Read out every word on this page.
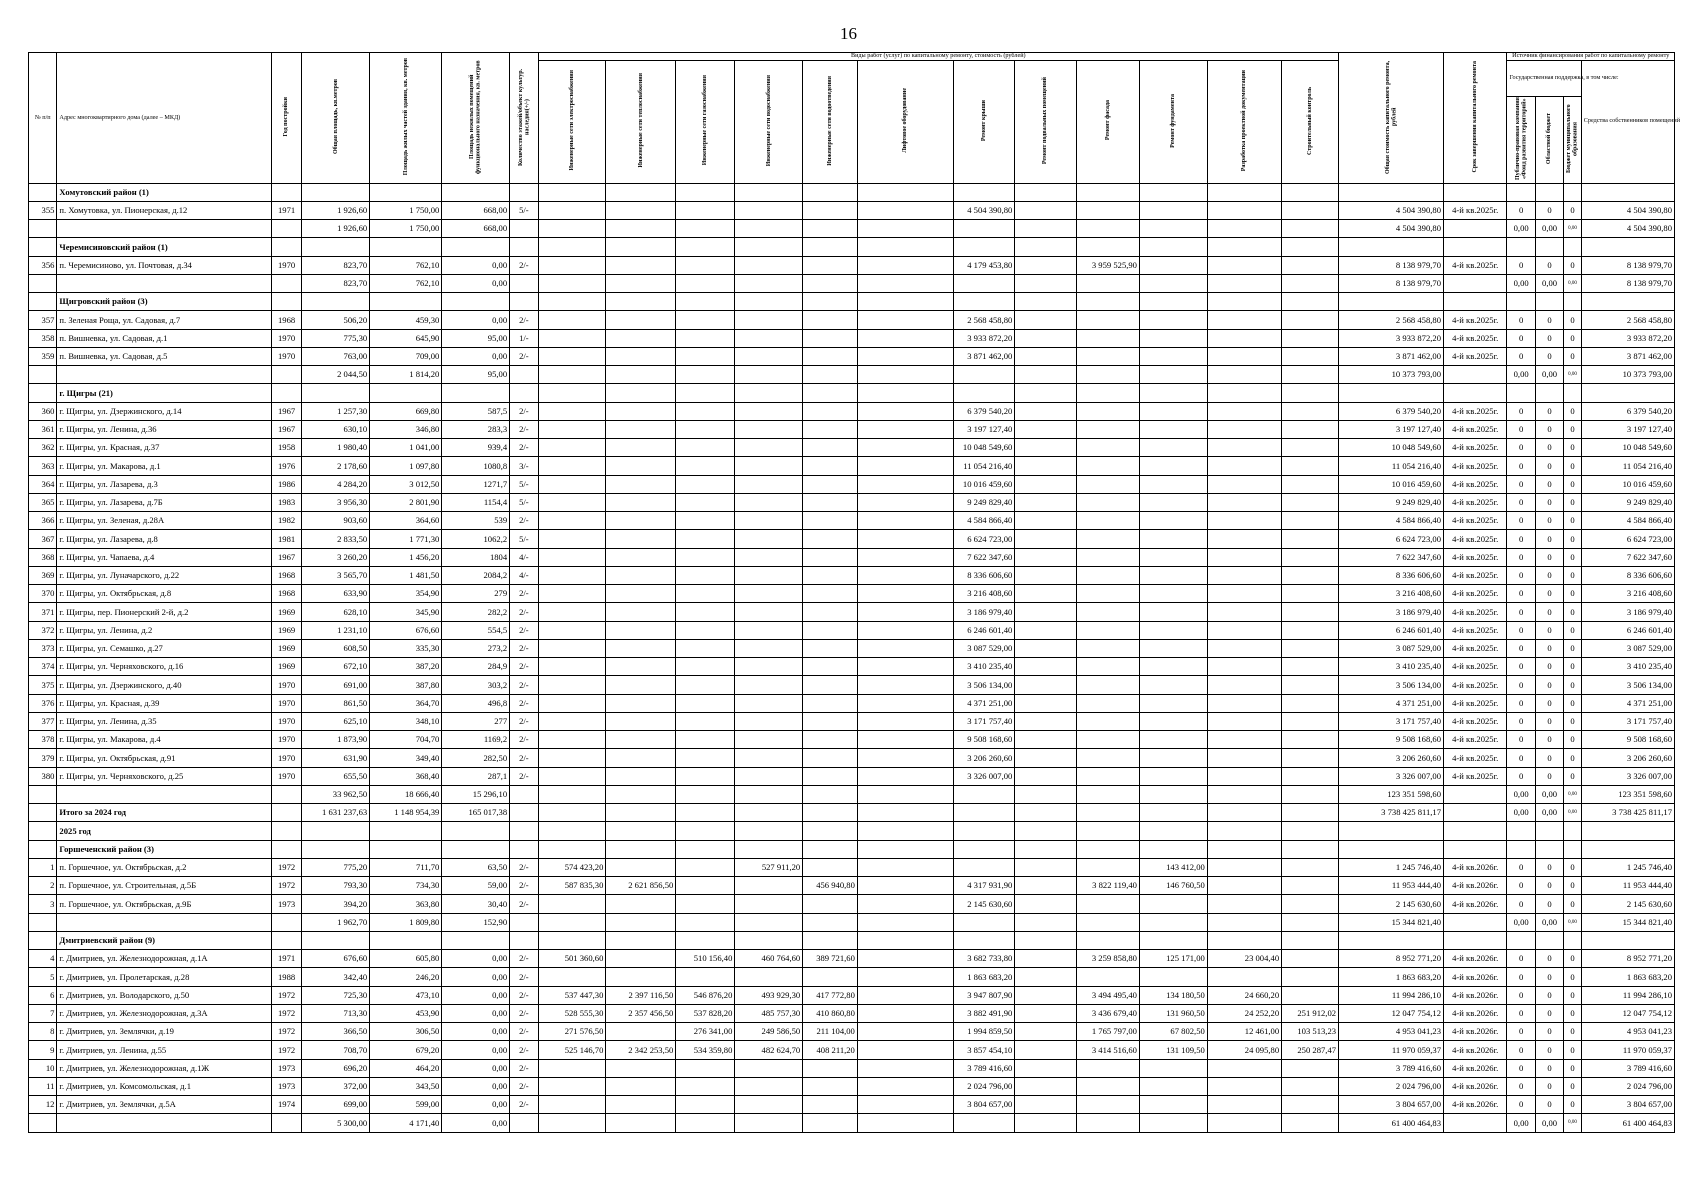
16
№ п/п	Адрес многоквартирного дома (далее – МКД)	Год постройки	Общая площадь, кв.метров	Площадь жилых частей здания, кв. метров	Площадь нежилых помещений функционального назначения, кв. метров	Количество этажей/объект культур. наследия(+/-)	Виды работ (услуг) по капитальному ремонту, стоимость (рублей)												Общая стоимость капитального ремонта, рублей	Срок завершения капитального ремонта	Источник финансирования работ по капитальному ремонту			
							Инженерные сети электроснабжения	Инженерные сети теплоснабжения	Инженерные сети газоснабжения	Инженерные сети водоснабжения	Инженерные сети водоотведения	Лифтовое оборудование	Ремонт крыши	Ремонт подвальных помещений	Ремонт фасада	Ремонт фундамента	Разработка проектной документации	Строительный контроль			Государственная поддержка, в том числе:			Средства собственников помещений
																					Публично-правовая компания «Фонд развития территорий»	Областной бюджет	Бюджет муниципального образования	
	Хомутовский район (1)																							
355	п. Хомутовка, ул. Пионерская, д.12	1971	1 926,60	1 750,00	668,00	5/-							4 504 390,80						4 504 390,80	4-й кв.2025г.	0	0	0	4 504 390,80
			1 926,60	1 750,00	668,00														4 504 390,80		0,00	0,00	0,00	4 504 390,80
	Черемисиновский район (1)																							
356	п. Черемисиново, ул. Почтовая, д.34	1970	823,70	762,10	0,00	2/-							4 179 453,80		3 959 525,90				8 138 979,70	4-й кв.2025г.	0	0	0	8 138 979,70
			823,70	762,10	0,00														8 138 979,70		0,00	0,00	0,00	8 138 979,70
	Щигровский район (3)																							
357	п. Зеленая Роща, ул. Садовая, д.7	1968	506,20	459,30	0,00	2/-							2 568 458,80						2 568 458,80	4-й кв.2025г.	0	0	0	2 568 458,80
358	п. Вишневка, ул. Садовая, д.1	1970	775,30	645,90	95,00	1/-							3 933 872,20						3 933 872,20	4-й кв.2025г.	0	0	0	3 933 872,20
359	п. Вишневка, ул. Садовая, д.5	1970	763,00	709,00	0,00	2/-							3 871 462,00						3 871 462,00	4-й кв.2025г.	0	0	0	3 871 462,00
			2 044,50	1 814,20	95,00														10 373 793,00		0,00	0,00	0,00	10 373 793,00
	г. Щигры (21)																							
360	г. Щигры, ул. Дзержинского, д.14	1967	1 257,30	669,80	587,5	2/-							6 379 540,20						6 379 540,20	4-й кв.2025г.	0	0	0	6 379 540,20
361	г. Щигры, ул. Ленина, д.36	1967	630,10	346,80	283,3	2/-							3 197 127,40						3 197 127,40	4-й кв.2025г.	0	0	0	3 197 127,40
362	г. Щигры, ул. Красная, д.37	1958	1 980,40	1 041,00	939,4	2/-							10 048 549,60						10 048 549,60	4-й кв.2025г.	0	0	0	10 048 549,60
363	г. Щигры, ул. Макарова, д.1	1976	2 178,60	1 097,80	1080,8	3/-							11 054 216,40						11 054 216,40	4-й кв.2025г.	0	0	0	11 054 216,40
364	г. Щигры, ул. Лазарева, д.3	1986	4 284,20	3 012,50	1271,7	5/-							10 016 459,60						10 016 459,60	4-й кв.2025г.	0	0	0	10 016 459,60
365	г. Щигры, ул. Лазарева, д.7Б	1983	3 956,30	2 801,90	1154,4	5/-							9 249 829,40						9 249 829,40	4-й кв.2025г.	0	0	0	9 249 829,40
366	г. Щигры, ул. Зеленая, д.28А	1982	903,60	364,60	539	2/-							4 584 866,40						4 584 866,40	4-й кв.2025г.	0	0	0	4 584 866,40
367	г. Щигры, ул. Лазарева, д.8	1981	2 833,50	1 771,30	1062,2	5/-							6 624 723,00						6 624 723,00	4-й кв.2025г.	0	0	0	6 624 723,00
368	г. Щигры, ул. Чапаева, д.4	1967	3 260,20	1 456,20	1804	4/-							7 622 347,60						7 622 347,60	4-й кв.2025г.	0	0	0	7 622 347,60
369	г. Щигры, ул. Луначарского, д.22	1968	3 565,70	1 481,50	2084,2	4/-							8 336 606,60						8 336 606,60	4-й кв.2025г.	0	0	0	8 336 606,60
370	г. Щигры, ул. Октябрьская, д.8	1968	633,90	354,90	279	2/-							3 216 408,60						3 216 408,60	4-й кв.2025г.	0	0	0	3 216 408,60
371	г. Щигры, пер. Пионерский 2-й, д.2	1969	628,10	345,90	282,2	2/-							3 186 979,40						3 186 979,40	4-й кв.2025г.	0	0	0	3 186 979,40
372	г. Щигры, ул. Ленина, д.2	1969	1 231,10	676,60	554,5	2/-							6 246 601,40						6 246 601,40	4-й кв.2025г.	0	0	0	6 246 601,40
373	г. Щигры, ул. Семашко, д.27	1969	608,50	335,30	273,2	2/-							3 087 529,00						3 087 529,00	4-й кв.2025г.	0	0	0	3 087 529,00
374	г. Щигры, ул. Черняховского, д.16	1969	672,10	387,20	284,9	2/-							3 410 235,40						3 410 235,40	4-й кв.2025г.	0	0	0	3 410 235,40
375	г. Щигры, ул. Дзержинского, д.40	1970	691,00	387,80	303,2	2/-							3 506 134,00						3 506 134,00	4-й кв.2025г.	0	0	0	3 506 134,00
376	г. Щигры, ул. Красная, д.39	1970	861,50	364,70	496,8	2/-							4 371 251,00						4 371 251,00	4-й кв.2025г.	0	0	0	4 371 251,00
377	г. Щигры, ул. Ленина, д.35	1970	625,10	348,10	277	2/-							3 171 757,40						3 171 757,40	4-й кв.2025г.	0	0	0	3 171 757,40
378	г. Щигры, ул. Макарова, д.4	1970	1 873,90	704,70	1169,2	2/-							9 508 168,60						9 508 168,60	4-й кв.2025г.	0	0	0	9 508 168,60
379	г. Щигры, ул. Октябрьская, д.91	1970	631,90	349,40	282,50	2/-							3 206 260,60						3 206 260,60	4-й кв.2025г.	0	0	0	3 206 260,60
380	г. Щигры, ул. Черняховского, д.25	1970	655,50	368,40	287,1	2/-							3 326 007,00						3 326 007,00	4-й кв.2025г.	0	0	0	3 326 007,00
			33 962,50	18 666,40	15 296,10														123 351 598,60		0,00	0,00	0,00	123 351 598,60
	Итого за 2024 год		1 631 237,63	1 148 954,39	165 017,38														3 738 425 811,17		0,00	0,00	0,00	3 738 425 811,17
	2025 год																							
	Горшеченский район (3)																							
1	п. Горшечное, ул. Октябрьская, д.2	1972	775,20	711,70	63,50	2/-	574 423,20			527 911,20						143 412,00			1 245 746,40	4-й кв.2026г.	0	0	0	1 245 746,40
2	п. Горшечное, ул. Строительная, д.5Б	1972	793,30	734,30	59,00	2/-	587 835,30	2 621 856,50			456 940,80		4 317 931,90		3 822 119,40	146 760,50			11 953 444,40	4-й кв.2026г.	0	0	0	11 953 444,40
3	п. Горшечное, ул. Октябрьская, д.9Б	1973	394,20	363,80	30,40	2/-							2 145 630,60						2 145 630,60	4-й кв.2026г.	0	0	0	2 145 630,60
			1 962,70	1 809,80	152,90														15 344 821,40		0,00	0,00	0,00	15 344 821,40
	Дмитриевский район (9)																							
4	г. Дмитриев, ул. Железнодорожная, д.1А	1971	676,60	605,80	0,00	2/-	501 360,60		510 156,40	460 764,60	389 721,60		3 682 733,80		3 259 858,80	125 171,00	23 004,40		8 952 771,20	4-й кв.2026г.	0	0	0	8 952 771,20
5	г. Дмитриев, ул. Пролетарская, д.28	1988	342,40	246,20	0,00	2/-							1 863 683,20						1 863 683,20	4-й кв.2026г.	0	0	0	1 863 683,20
6	г. Дмитриев, ул. Володарского, д.50	1972	725,30	473,10	0,00	2/-	537 447,30	2 397 116,50	546 876,20	493 929,30	417 772,80		3 947 807,90		3 494 495,40	134 180,50	24 660,20		11 994 286,10	4-й кв.2026г.	0	0	0	11 994 286,10
7	г. Дмитриев, ул. Железнодорожная, д.3А	1972	713,30	453,90	0,00	2/-	528 555,30	2 357 456,50	537 828,20	485 757,30	410 860,80		3 882 491,90		3 436 679,40	131 960,50	24 252,20	251 912,02	12 047 754,12	4-й кв.2026г.	0	0	0	12 047 754,12
8	г. Дмитриев, ул. Землячки, д.19	1972	366,50	306,50	0,00	2/-	271 576,50		276 341,00	249 586,50	211 104,00		1 994 859,50		1 765 797,00	67 802,50	12 461,00	103 513,23	4 953 041,23	4-й кв.2026г.	0	0	0	4 953 041,23
9	г. Дмитриев, ул. Ленина, д.55	1972	708,70	679,20	0,00	2/-	525 146,70	2 342 253,50	534 359,80	482 624,70	408 211,20		3 857 454,10		3 414 516,60	131 109,50	24 095,80	250 287,47	11 970 059,37	4-й кв.2026г.	0	0	0	11 970 059,37
10	г. Дмитриев, ул. Железнодорожная, д.1Ж	1973	696,20	464,20	0,00	2/-							3 789 416,60						3 789 416,60	4-й кв.2026г.	0	0	0	3 789 416,60
11	г. Дмитриев, ул. Комсомольская, д.1	1973	372,00	343,50	0,00	2/-							2 024 796,00						2 024 796,00	4-й кв.2026г.	0	0	0	2 024 796,00
12	г. Дмитриев, ул. Землячки, д.5А	1974	699,00	599,00	0,00	2/-							3 804 657,00						3 804 657,00	4-й кв.2026г.	0	0	0	3 804 657,00
			5 300,00	4 171,40	0,00														61 400 464,83		0,00	0,00	0,00	61 400 464,83
